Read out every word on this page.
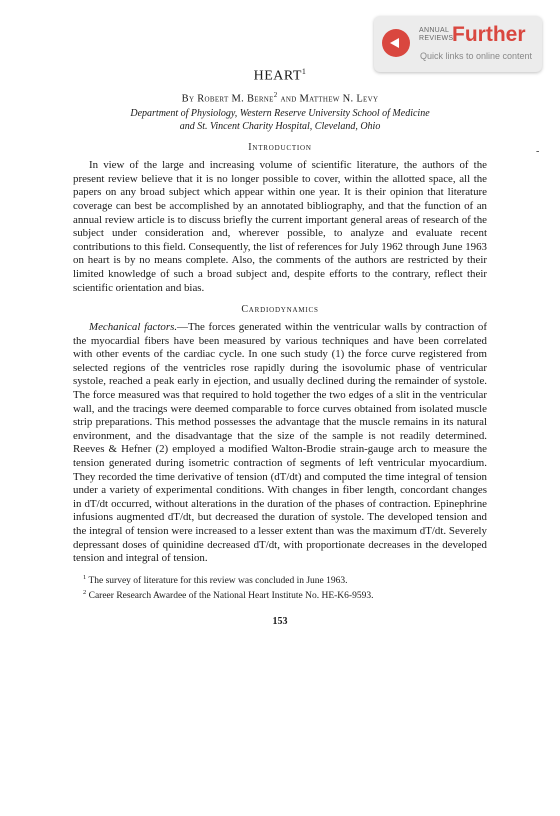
ANNUAL
REVIEWS
Further
Quick links to online content
-
HEART$^1$
By Robert M. Berne$^2$ and Matthew N. Levy
Department of Physiology, Western Reserve University School of Medicine
and St. Vincent Charity Hospital, Cleveland, Ohio
Introduction

In view of the large and increasing volume of scientific literature, the authors of the present review believe that it is no longer possible to cover, within the allotted space, all the papers on any broad subject which appear within one year. It is their opinion that literature coverage can best be accomplished by an annotated bibliography, and that the function of an annual review article is to discuss briefly the current important general areas of research of the subject under consideration and, wherever possible, to analyze and evaluate recent contributions to this field. Consequently, the list of references for July 1962 through June 1963 on heart is by no means complete. Also, the comments of the authors are restricted by their limited knowledge of such a broad subject and, despite efforts to the contrary, reflect their scientific orientation and bias.

Cardiodynamics

Mechanical factors.—The forces generated within the ventricular walls by contraction of the myocardial fibers have been measured by various techniques and have been correlated with other events of the cardiac cycle. In one such study (1) the force curve registered from selected regions of the ventricles rose rapidly during the isovolumic phase of ventricular systole, reached a peak early in ejection, and usually declined during the remainder of systole. The force measured was that required to hold together the two edges of a slit in the ventricular wall, and the tracings were deemed comparable to force curves obtained from isolated muscle strip preparations. This method possesses the advantage that the muscle remains in its natural environment, and the disadvantage that the size of the sample is not readily determined. Reeves & Hefner (2) employed a modified Walton-Brodie strain-gauge arch to measure the tension generated during isometric contraction of segments of left ventricular myocardium. They recorded the time derivative of tension (dT/dt) and computed the time integral of tension under a variety of experimental conditions. With changes in fiber length, concordant changes in dT/dt occurred, without alterations in the duration of the phases of contraction. Epinephrine infusions augmented dT/dt, but decreased the duration of systole. The developed tension and the integral of tension were increased to a lesser extent than was the maximum dT/dt. Severely depressant doses of quinidine decreased dT/dt, with proportionate decreases in the developed tension and integral of tension.

$^1$ The survey of literature for this review was concluded in June 1963.
$^2$ Career Research Awardee of the National Heart Institute No. HE-K6-9593.
153
